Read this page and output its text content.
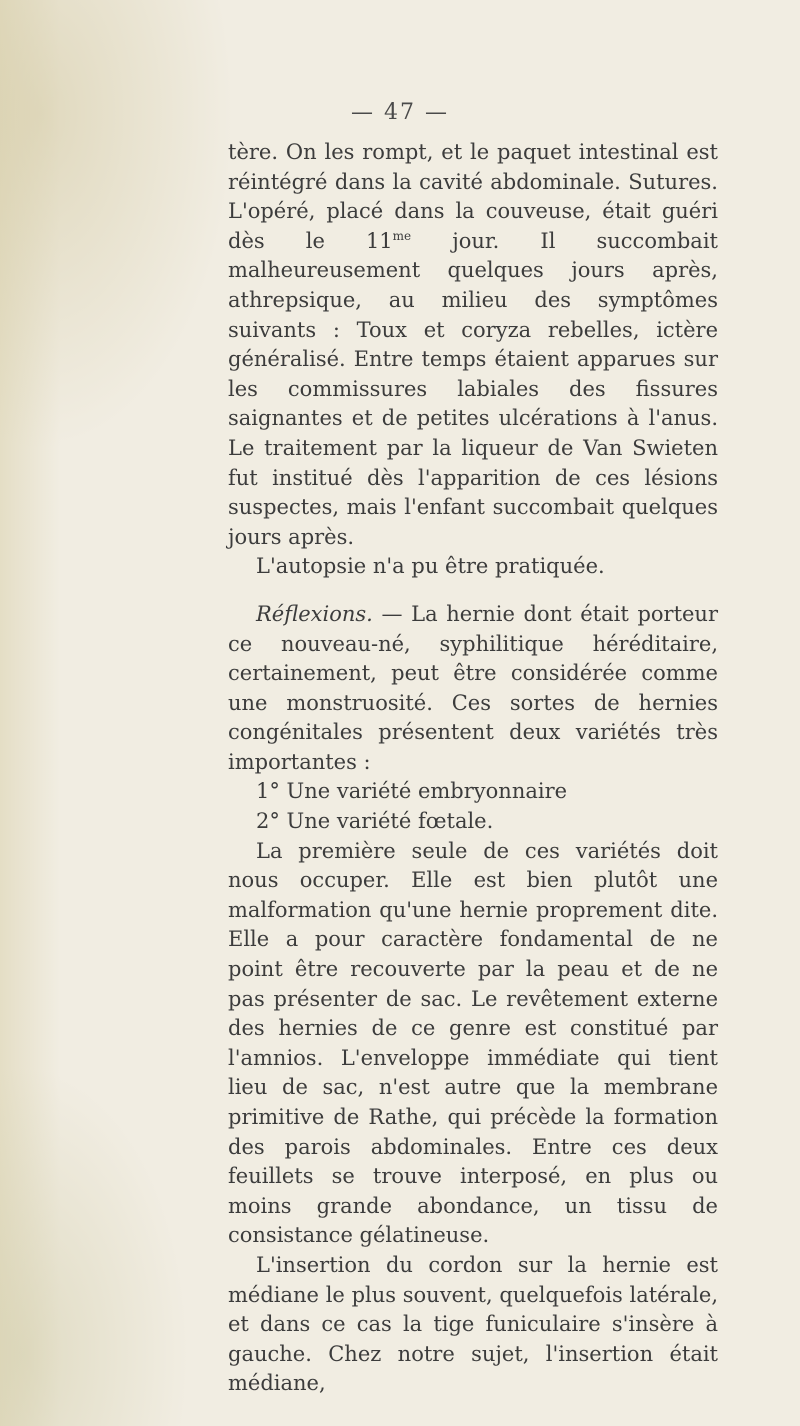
— 47 —

tère. On les rompt, et le paquet intestinal est réintégré dans la cavité abdominale. Sutures. L'opéré, placé dans la couveuse, était guéri dès le $11^{me}$ jour. Il succombait malheureusement quelques jours après, athrepsique, au milieu des symptômes suivants : Toux et coryza rebelles, ictère généralisé. Entre temps étaient apparues sur les commissures labiales des fissures saignantes et de petites ulcérations à l'anus. Le traitement par la liqueur de Van Swieten fut institué dès l'apparition de ces lésions suspectes, mais l'enfant succombait quelques jours après.

L'autopsie n'a pu être pratiquée.

Réflexions. — La hernie dont était porteur ce nouveau-né, syphilitique héréditaire, certainement, peut être considérée comme une monstruosité. Ces sortes de hernies congénitales présentent deux variétés très importantes :

1° Une variété embryonnaire

2° Une variété fœtale.

La première seule de ces variétés doit nous occuper. Elle est bien plutôt une malformation qu'une hernie proprement dite. Elle a pour caractère fondamental de ne point être recouverte par la peau et de ne pas présenter de sac. Le revêtement externe des hernies de ce genre est constitué par l'amnios. L'enveloppe immédiate qui tient lieu de sac, n'est autre que la membrane primitive de Rathe, qui précède la formation des parois abdominales. Entre ces deux feuillets se trouve interposé, en plus ou moins grande abondance, un tissu de consistance gélatineuse.

L'insertion du cordon sur la hernie est médiane le plus souvent, quelquefois latérale, et dans ce cas la tige funiculaire s'insère à gauche. Chez notre sujet, l'insertion était médiane,
